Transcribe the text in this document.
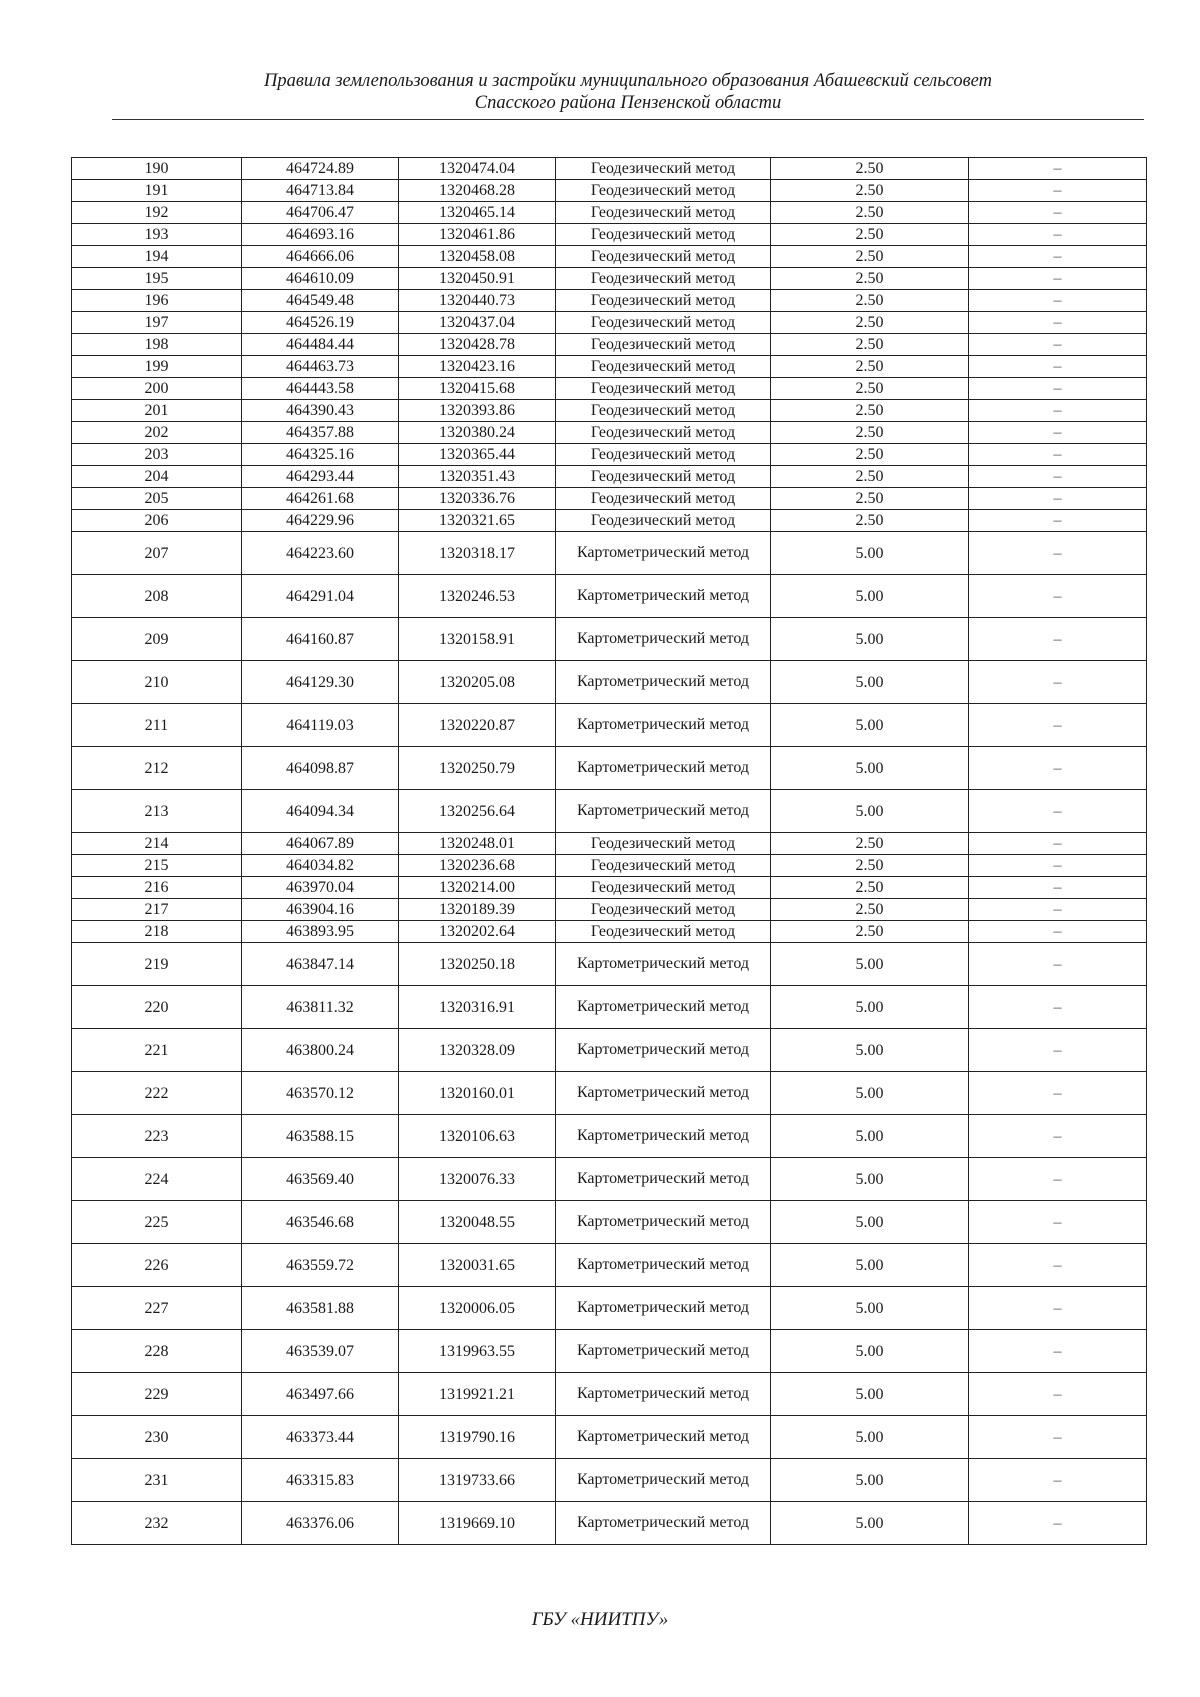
Правила землепользования и застройки муниципального образования Абашевский сельсовет
Спасского района Пензенской области
190	464724.89	1320474.04	Геодезический метод	2.50	–
191	464713.84	1320468.28	Геодезический метод	2.50	–
192	464706.47	1320465.14	Геодезический метод	2.50	–
193	464693.16	1320461.86	Геодезический метод	2.50	–
194	464666.06	1320458.08	Геодезический метод	2.50	–
195	464610.09	1320450.91	Геодезический метод	2.50	–
196	464549.48	1320440.73	Геодезический метод	2.50	–
197	464526.19	1320437.04	Геодезический метод	2.50	–
198	464484.44	1320428.78	Геодезический метод	2.50	–
199	464463.73	1320423.16	Геодезический метод	2.50	–
200	464443.58	1320415.68	Геодезический метод	2.50	–
201	464390.43	1320393.86	Геодезический метод	2.50	–
202	464357.88	1320380.24	Геодезический метод	2.50	–
203	464325.16	1320365.44	Геодезический метод	2.50	–
204	464293.44	1320351.43	Геодезический метод	2.50	–
205	464261.68	1320336.76	Геодезический метод	2.50	–
206	464229.96	1320321.65	Геодезический метод	2.50	–
207	464223.60	1320318.17	Картометрический метод	5.00	–
208	464291.04	1320246.53	Картометрический метод	5.00	–
209	464160.87	1320158.91	Картометрический метод	5.00	–
210	464129.30	1320205.08	Картометрический метод	5.00	–
211	464119.03	1320220.87	Картометрический метод	5.00	–
212	464098.87	1320250.79	Картометрический метод	5.00	–
213	464094.34	1320256.64	Картометрический метод	5.00	–
214	464067.89	1320248.01	Геодезический метод	2.50	–
215	464034.82	1320236.68	Геодезический метод	2.50	–
216	463970.04	1320214.00	Геодезический метод	2.50	–
217	463904.16	1320189.39	Геодезический метод	2.50	–
218	463893.95	1320202.64	Геодезический метод	2.50	–
219	463847.14	1320250.18	Картометрический метод	5.00	–
220	463811.32	1320316.91	Картометрический метод	5.00	–
221	463800.24	1320328.09	Картометрический метод	5.00	–
222	463570.12	1320160.01	Картометрический метод	5.00	–
223	463588.15	1320106.63	Картометрический метод	5.00	–
224	463569.40	1320076.33	Картометрический метод	5.00	–
225	463546.68	1320048.55	Картометрический метод	5.00	–
226	463559.72	1320031.65	Картометрический метод	5.00	–
227	463581.88	1320006.05	Картометрический метод	5.00	–
228	463539.07	1319963.55	Картометрический метод	5.00	–
229	463497.66	1319921.21	Картометрический метод	5.00	–
230	463373.44	1319790.16	Картометрический метод	5.00	–
231	463315.83	1319733.66	Картометрический метод	5.00	–
232	463376.06	1319669.10	Картометрический метод	5.00	–
ГБУ «НИИТПУ»
